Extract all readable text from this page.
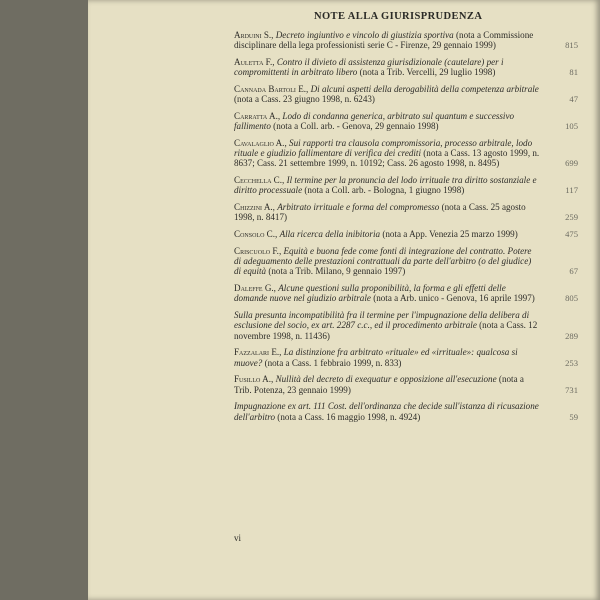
NOTE ALLA GIURISPRUDENZA
Arduini S., Decreto ingiuntivo e vincolo di giustizia sportiva (nota a Commissione disciplinare della lega professionisti serie C - Firenze, 29 gennaio 1999)	815
Auletta F., Contro il divieto di assistenza giurisdizionale (cautelare) per i compromittenti in arbitrato libero (nota a Trib. Vercelli, 29 luglio 1998)	81
Cannada Bartoli E., Di alcuni aspetti della derogabilità della competenza arbitrale (nota a Cass. 23 giugno 1998, n. 6243)	47
Carratta A., Lodo di condanna generica, arbitrato sul quantum e successivo fallimento (nota a Coll. arb. - Genova, 29 gennaio 1998)	105
Cavalaglio A., Sui rapporti tra clausola compromissoria, processo arbitrale, lodo rituale e giudizio fallimentare di verifica dei crediti (nota a Cass. 13 agosto 1999, n. 8637; Cass. 21 settembre 1999, n. 10192; Cass. 26 agosto 1998, n. 8495)	699
Cecchella C., Il termine per la pronuncia del lodo irrituale tra diritto sostanziale e diritto processuale (nota a Coll. arb. - Bologna, 1 giugno 1998)	117
Chizzini A., Arbitrato irrituale e forma del compromesso (nota a Cass. 25 agosto 1998, n. 8417)	259
Consolo C., Alla ricerca della inibitoria (nota a App. Venezia 25 marzo 1999)	475
Criscuolo F., Equità e buona fede come fonti di integrazione del contratto. Potere di adeguamento delle prestazioni contrattuali da parte dell'arbitro (o del giudice) di equità (nota a Trib. Milano, 9 gennaio 1997)	67
Daleffe G., Alcune questioni sulla proponibilità, la forma e gli effetti delle domande nuove nel giudizio arbitrale (nota a Arb. unico - Genova, 16 aprile 1997)	805
Sulla presunta incompatibilità fra il termine per l'impugnazione della delibera di esclusione del socio, ex art. 2287 c.c., ed il procedimento arbitrale (nota a Cass. 12 novembre 1998, n. 11436)	289
Fazzalari E., La distinzione fra arbitrato «rituale» ed «irrituale»: qualcosa si muove? (nota a Cass. 1 febbraio 1999, n. 833)	253
Fusillo A., Nullità del decreto di exequatur e opposizione all'esecuzione (nota a Trib. Potenza, 23 gennaio 1999)	731
Impugnazione ex art. 111 Cost. dell'ordinanza che decide sull'istanza di ricusazione dell'arbitro (nota a Cass. 16 maggio 1998, n. 4924)	59
vi
